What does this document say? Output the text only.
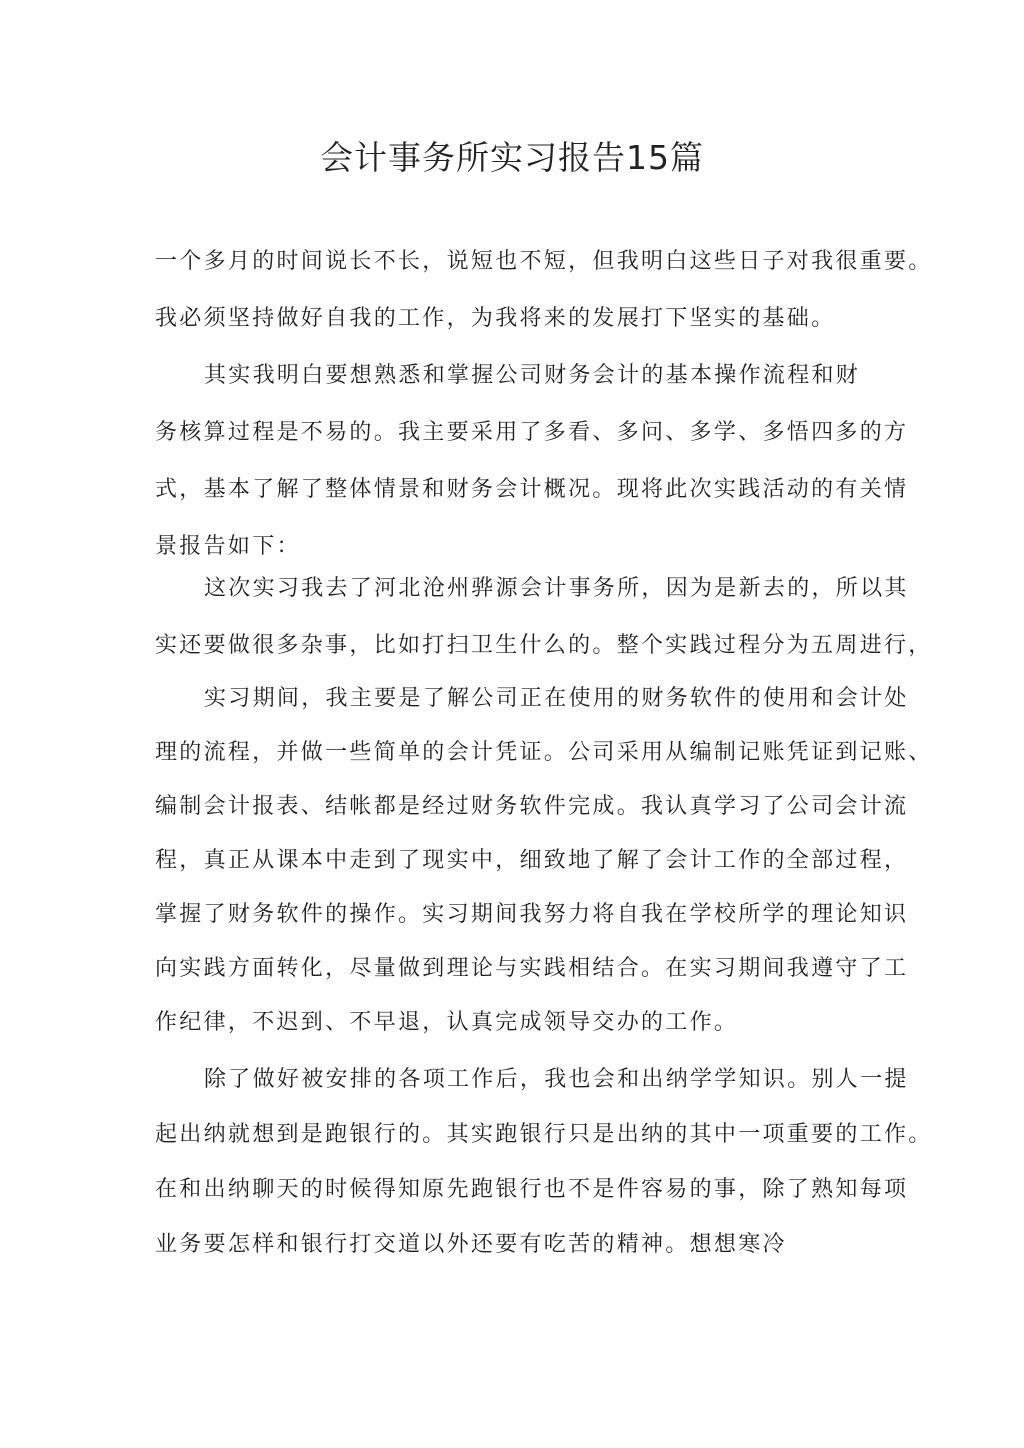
会计事务所实习报告15篇
一个多月的时间说长不长，说短也不短，但我明白这些日子对我很重要。
我必须坚持做好自我的工作，为我将来的发展打下坚实的基础。
其实我明白要想熟悉和掌握公司财务会计的基本操作流程和财
务核算过程是不易的。我主要采用了多看、多问、多学、多悟四多的方
式，基本了解了整体情景和财务会计概况。现将此次实践活动的有关情
景报告如下：
这次实习我去了河北沧州骅源会计事务所，因为是新去的，所以其
实还要做很多杂事，比如打扫卫生什么的。整个实践过程分为五周进行，
实习期间，我主要是了解公司正在使用的财务软件的使用和会计处
理的流程，并做一些简单的会计凭证。公司采用从编制记账凭证到记账、
编制会计报表、结帐都是经过财务软件完成。我认真学习了公司会计流
程，真正从课本中走到了现实中，细致地了解了会计工作的全部过程，
掌握了财务软件的操作。实习期间我努力将自我在学校所学的理论知识
向实践方面转化，尽量做到理论与实践相结合。在实习期间我遵守了工
作纪律，不迟到、不早退，认真完成领导交办的工作。
除了做好被安排的各项工作后，我也会和出纳学学知识。别人一提
起出纳就想到是跑银行的。其实跑银行只是出纳的其中一项重要的工作。
在和出纳聊天的时候得知原先跑银行也不是件容易的事，除了熟知每项
业务要怎样和银行打交道以外还要有吃苦的精神。想想寒冷
